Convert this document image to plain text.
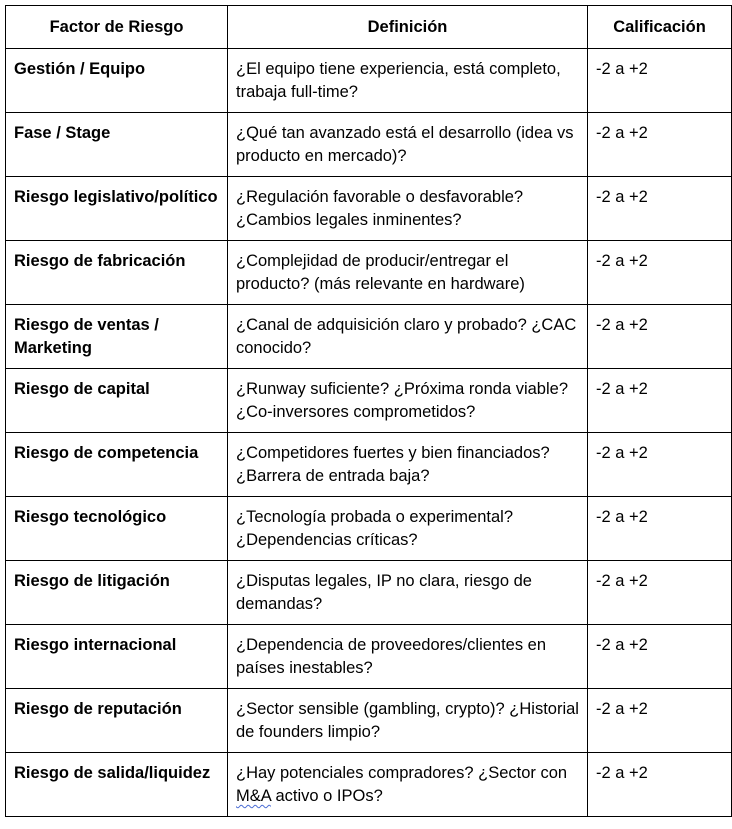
Factor de Riesgo	Definición	Calificación
Gestión / Equipo	¿El equipo tiene experiencia, está completo, trabaja full-time?	-2 a +2
Fase / Stage	¿Qué tan avanzado está el desarrollo (idea vs producto en mercado)?	-2 a +2
Riesgo legislativo/político	¿Regulación favorable o desfavorable? ¿Cambios legales inminentes?	-2 a +2
Riesgo de fabricación	¿Complejidad de producir/entregar el producto? (más relevante en hardware)	-2 a +2
Riesgo de ventas / Marketing	¿Canal de adquisición claro y probado? ¿CAC conocido?	-2 a +2
Riesgo de capital	¿Runway suficiente? ¿Próxima ronda viable? ¿Co-inversores comprometidos?	-2 a +2
Riesgo de competencia	¿Competidores fuertes y bien financiados? ¿Barrera de entrada baja?	-2 a +2
Riesgo tecnológico	¿Tecnología probada o experimental? ¿Dependencias críticas?	-2 a +2
Riesgo de litigación	¿Disputas legales, IP no clara, riesgo de demandas?	-2 a +2
Riesgo internacional	¿Dependencia de proveedores/clientes en países inestables?	-2 a +2
Riesgo de reputación	¿Sector sensible (gambling, crypto)? ¿Historial de founders limpio?	-2 a +2
Riesgo de salida/liquidez	¿Hay potenciales compradores? ¿Sector con M&A activo o IPOs?	-2 a +2
